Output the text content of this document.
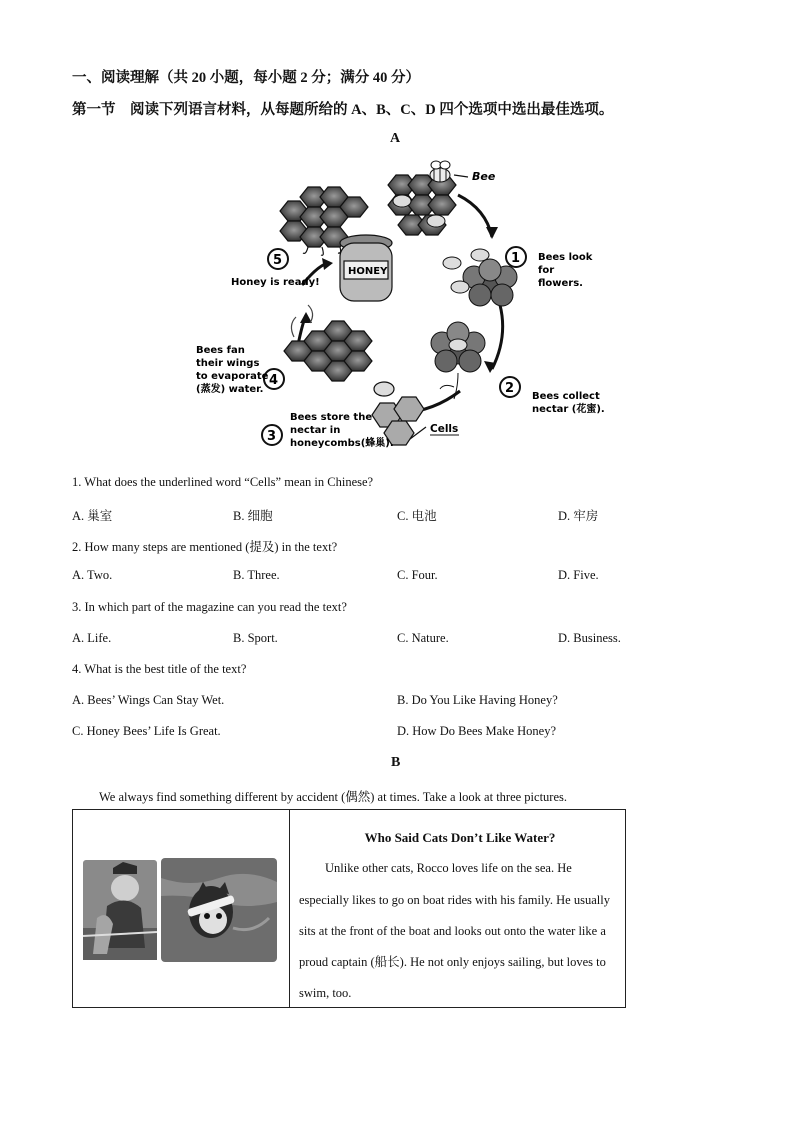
一、阅读理解（共 20 小题，每小题 2 分；满分 40 分）
第一节　阅读下列语言材料，从每题所给的 A、B、C、D 四个选项中选出最佳选项。
A
Bee
1 Bees look
for
flowers.
2
Bees collect
nectar (花蜜).
Cells
3
Bees store the
nectar in
honeycombs(蜂巢).
4
Bees fan
their wings
to evaporate
(蒸发) water.
HONEY
5
Honey is ready!
1. What does the underlined word “Cells” mean in Chinese?
A. 巢室	B. 细胞	C. 电池	D. 牢房
2. How many steps are mentioned (提及) in the text?
A. Two.	B. Three.	C. Four.	D. Five.
3. In which part of the magazine can you read the text?
A. Life.	B. Sport.	C. Nature.	D. Business.
4. What is the best title of the text?
A. Bees’ Wings Can Stay Wet.	B. Do You Like Having Honey?
C. Honey Bees’ Life Is Great.	D. How Do Bees Make Honey?
B
We always find something different by accident (偶然) at times. Take a look at three pictures.
Who Said Cats Don’t Like Water?

Unlike other cats, Rocco loves life on the sea. He especially likes to go on boat rides with his family. He usually sits at the front of the boat and looks out onto the water like a proud captain (船长). He not only enjoys sailing, but loves to swim, too.
